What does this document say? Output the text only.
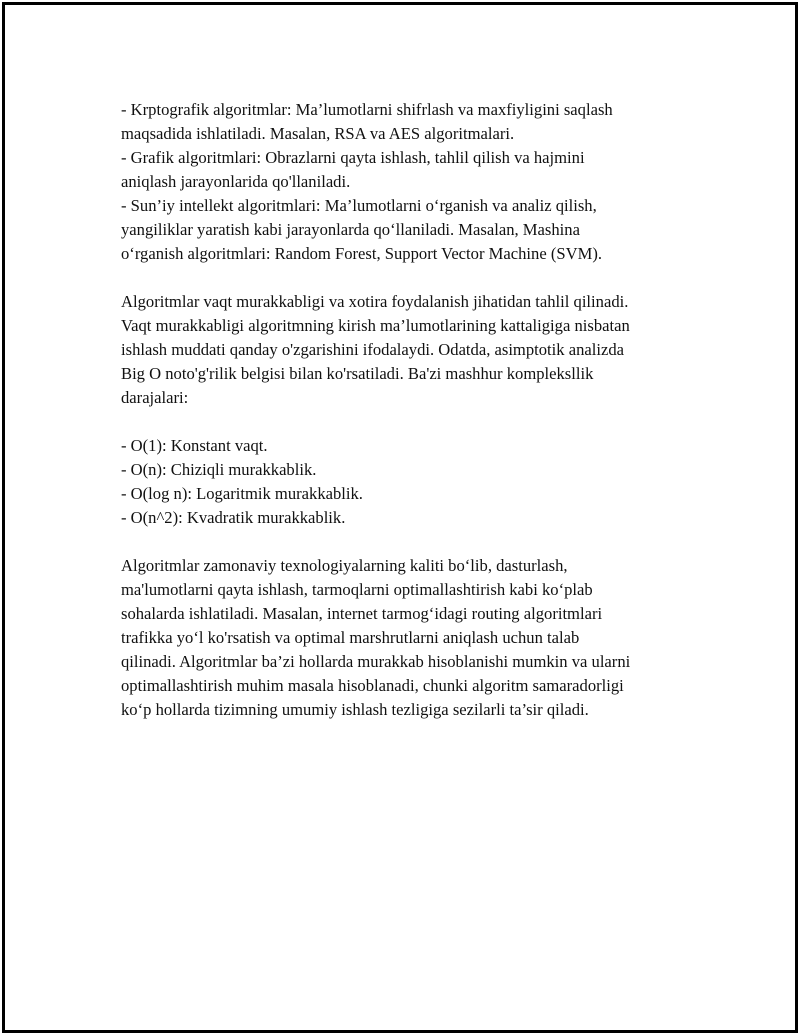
- Krptografik algoritmlar: Ma’lumotlarni shifrlash va maxfiyligini saqlash
maqsadida ishlatiladi. Masalan, RSA va AES algoritmalari.
- Grafik algoritmlari: Obrazlarni qayta ishlash, tahlil qilish va hajmini
aniqlash jarayonlarida qo'llaniladi.
- Sun’iy intellekt algoritmlari: Ma’lumotlarni o‘rganish va analiz qilish,
yangiliklar yaratish kabi jarayonlarda qo‘llaniladi. Masalan, Mashina
o‘rganish algoritmlari: Random Forest, Support Vector Machine (SVM).
Algoritmlar vaqt murakkabligi va xotira foydalanish jihatidan tahlil qilinadi.
Vaqt murakkabligi algoritmning kirish ma’lumotlarining kattaligiga nisbatan
ishlash muddati qanday o'zgarishini ifodalaydi. Odatda, asimptotik analizda
Big O noto'g'rilik belgisi bilan ko'rsatiladi. Ba'zi mashhur kompleksllik
darajalari:
- O(1): Konstant vaqt.
- O(n): Chiziqli murakkablik.
- O(log n): Logaritmik murakkablik.
- O(n^2): Kvadratik murakkablik.
Algoritmlar zamonaviy texnologiyalarning kaliti bo‘lib, dasturlash,
ma'lumotlarni qayta ishlash, tarmoqlarni optimallashtirish kabi ko‘plab
sohalarda ishlatiladi. Masalan, internet tarmog‘idagi routing algoritmlari
trafikka yo‘l ko'rsatish va optimal marshrutlarni aniqlash uchun talab
qilinadi. Algoritmlar ba’zi hollarda murakkab hisoblanishi mumkin va ularni
optimallashtirish muhim masala hisoblanadi, chunki algoritm samaradorligi
ko‘p hollarda tizimning umumiy ishlash tezligiga sezilarli ta’sir qiladi.
